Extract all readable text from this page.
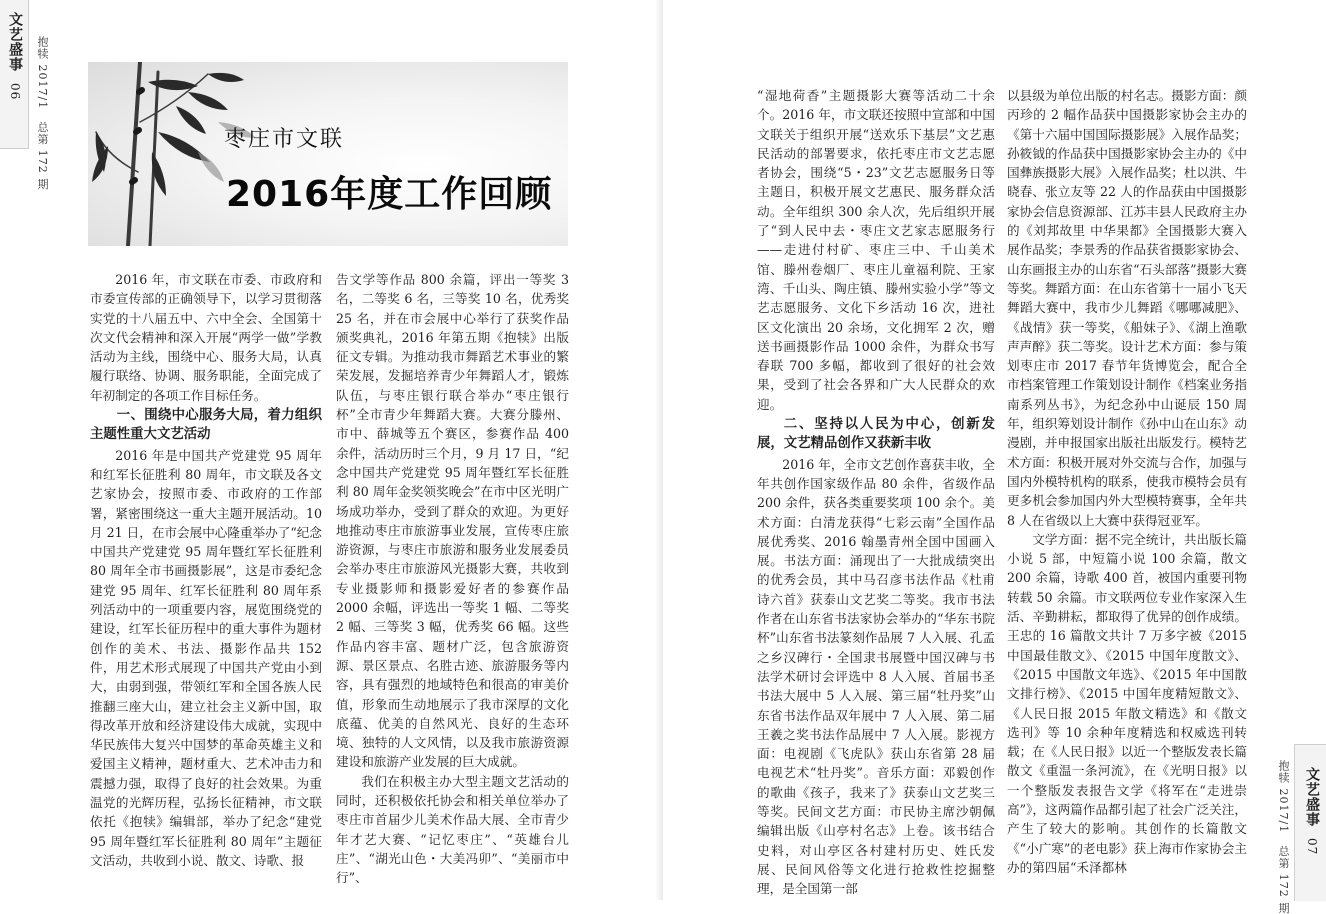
文艺盛事 06 抱犊 2017/1　总第 172 期	枣庄市文联
2016年度工作回顾

2016 年，市文联在市委、市政府和市委宣传部的正确领导下，以学习贯彻落实党的十八届五中、六中全会、全国第十次文代会精神和深入开展“两学一做”学教活动为主线，围绕中心、服务大局，认真履行联络、协调、服务职能，全面完成了年初制定的各项工作目标任务。

一、围绕中心服务大局，着力组织主题性重大文艺活动

2016 年是中国共产党建党 95 周年和红军长征胜利 80 周年，市文联及各文艺家协会，按照市委、市政府的工作部署，紧密围绕这一重大主题开展活动。10 月 21 日，在市会展中心隆重举办了“纪念中国共产党建党 95 周年暨红军长征胜利 80 周年全市书画摄影展”，这是市委纪念建党 95 周年、红军长征胜利 80 周年系列活动中的一项重要内容，展览围绕党的建设，红军长征历程中的重大事件为题材创作的美术、书法、摄影作品共 152 件，用艺术形式展现了中国共产党由小到大，由弱到强，带领红军和全国各族人民推翻三座大山，建立社会主义新中国，取得改革开放和经济建设伟大成就，实现中华民族伟大复兴中国梦的革命英雄主义和爱国主义精神，题材重大、艺术冲击力和震撼力强，取得了良好的社会效果。为重温党的光辉历程，弘扬长征精神，市文联依托《抱犊》编辑部，举办了纪念“建党 95 周年暨红军长征胜利 80 周年”主题征文活动，共收到小说、散文、诗歌、报

告文学等作品 800 余篇，评出一等奖 3 名，二等奖 6 名，三等奖 10 名，优秀奖 25 名，并在市会展中心举行了获奖作品颁奖典礼，2016 年第五期《抱犊》出版征文专辑。为推动我市舞蹈艺术事业的繁荣发展，发掘培养青少年舞蹈人才，锻炼队伍，与枣庄银行联合举办“枣庄银行杯”全市青少年舞蹈大赛。大赛分滕州、市中、薛城等五个赛区，参赛作品 400 余件，活动历时三个月，9 月 17 日，“纪念中国共产党建党 95 周年暨红军长征胜利 80 周年金奖领奖晚会”在市中区光明广场成功举办，受到了群众的欢迎。为更好地推动枣庄市旅游事业发展，宣传枣庄旅游资源，与枣庄市旅游和服务业发展委员会举办枣庄市旅游风光摄影大赛，共收到专业摄影师和摄影爱好者的参赛作品 2000 余幅，评选出一等奖 1 幅、二等奖 2 幅、三等奖 3 幅，优秀奖 66 幅。这些作品内容丰富、题材广泛，包含旅游资源、景区景点、名胜古迹、旅游服务等内容，具有强烈的地域特色和很高的审美价值，形象而生动地展示了我市深厚的文化底蕴、优美的自然风光、良好的生态环境、独特的人文风情，以及我市旅游资源建设和旅游产业发展的巨大成就。

我们在积极主办大型主题文艺活动的同时，还积极依托协会和相关单位举办了枣庄市首届少儿美术作品大展、全市青少年才艺大赛、“记忆枣庄”、“英雄台儿庄”、“湖光山色・大美冯卯”、“美丽市中行”、

“湿地荷香”主题摄影大赛等活动二十余个。2016 年，市文联还按照中宣部和中国文联关于组织开展“送欢乐下基层”文艺惠民活动的部署要求，依托枣庄市文艺志愿者协会，围绕“5・23”文艺志愿服务日等主题日，积极开展文艺惠民、服务群众活动。全年组织 300 余人次，先后组织开展了“到人民中去・枣庄文艺家志愿服务行——走进付村矿、枣庄三中、千山美术馆、滕州卷烟厂、枣庄儿童福利院、王家湾、千山头、陶庄镇、滕州实验小学”等文艺志愿服务、文化下乡活动 16 次，进社区文化演出 20 余场，文化拥军 2 次，赠送书画摄影作品 1000 余件，为群众书写春联 700 多幅，都收到了很好的社会效果，受到了社会各界和广大人民群众的欢迎。

二、坚持以人民为中心，创新发展，文艺精品创作又获新丰收

2016 年，全市文艺创作喜获丰收，全年共创作国家级作品 80 余件，省级作品 200 余件，获各类重要奖项 100 余个。美术方面：白清龙获得“七彩云南”全国作品展优秀奖、2016 翰墨青州全国中国画入展。书法方面：涌现出了一大批成绩突出的优秀会员，其中马召彦书法作品《杜甫诗六首》获泰山文艺奖二等奖。我市书法作者在山东省书法家协会举办的“华东书院杯”山东省书法篆刻作品展 7 人入展、孔孟之乡汉碑行・全国隶书展暨中国汉碑与书法学术研讨会评选中 8 人入展、首届书圣书法大展中 5 人入展、第三届“牡丹奖”山东省书法作品双年展中 7 人入展、第二届王羲之奖书法作品展中 7 人入展。影视方面：电视剧《飞虎队》获山东省第 28 届电视艺术“牡丹奖”。音乐方面：邓毅创作的歌曲《孩子，我来了》获泰山文艺奖三等奖。民间文艺方面：市民协主席沙朝佩编辑出版《山亭村名志》上卷。该书结合史料，对山亭区各村建村历史、姓氏发展、民间风俗等文化进行抢救性挖掘整理，是全国第一部

以县级为单位出版的村名志。摄影方面：颜丙珍的 2 幅作品获中国摄影家协会主办的《第十六届中国国际摄影展》入展作品奖；孙筱钺的作品获中国摄影家协会主办的《中国彝族摄影大展》入展作品奖；杜以洪、牛晓春、张立友等 22 人的作品获由中国摄影家协会信息资源部、江苏丰县人民政府主办的《刘邦故里 中华果都》全国摄影大赛入展作品奖；李景秀的作品获省摄影家协会、山东画报主办的山东省“石头部落”摄影大赛等奖。舞蹈方面：在山东省第十一届小飞天舞蹈大赛中，我市少儿舞蹈《哪哪减肥》、《战情》获一等奖，《船妹子》、《湖上渔歌声声醉》获二等奖。设计艺术方面：参与策划枣庄市 2017 春节年货博览会，配合全市档案管理工作策划设计制作《档案业务指南系列丛书》，为纪念孙中山诞辰 150 周年，组织筹划设计制作《孙中山在山东》动漫剧，并申报国家出版社出版发行。模特艺术方面：积极开展对外交流与合作，加强与国内外模特机构的联系，使我市模特会员有更多机会参加国内外大型模特赛事，全年共 8 人在省级以上大赛中获得冠亚军。

文学方面：据不完全统计，共出版长篇小说 5 部，中短篇小说 100 余篇，散文 200 余篇，诗歌 400 首，被国内重要刊物转载 50 余篇。市文联两位专业作家深入生活、辛勤耕耘，都取得了优异的创作成绩。王忠的 16 篇散文共计 7 万多字被《2015 中国最佳散文》、《2015 中国年度散文》、《2015 中国散文年选》、《2015 年中国散文排行榜》、《2015 中国年度精短散文》、《人民日报 2015 年散文精选》和《散文选刊》等 10 余种年度精选和权威选刊转载；在《人民日报》以近一个整版发表长篇散文《重温一条河流》，在《光明日报》以一个整版发表报告文学《将军在“走进崇高”》，这两篇作品都引起了社会广泛关注，产生了较大的影响。其创作的长篇散文《“小广寒”的老电影》获上海市作家协会主办的第四届“禾泽都林	抱犊 2017/1　总第 172 期 文艺盛事 07
